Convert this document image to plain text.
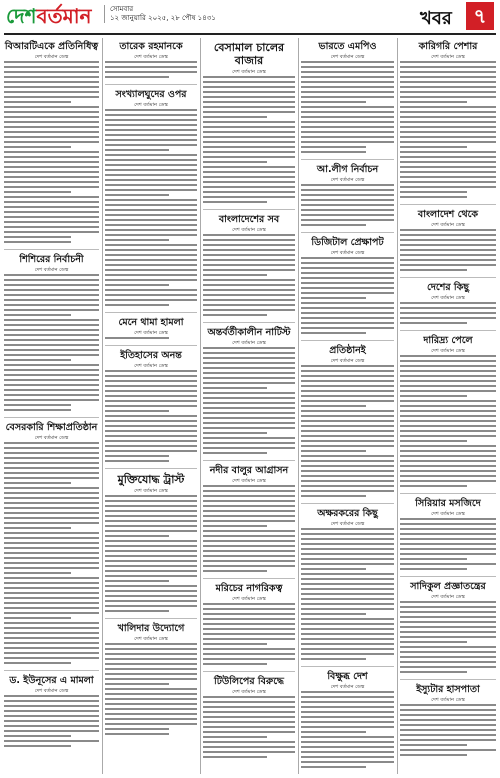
দেশবর্তমান	সোমবার
১২ জানুয়ারি ২০২৫, ২৮ পৌষ ১৪৩১	খবর	৭
বিআরটিএকে প্রতিনিধিত্ব
দেশ বর্তমান ডেস্ক
শিশিরের নির্বাচনী
দেশ বর্তমান ডেস্ক
বেসরকারি শিক্ষাপ্রতিষ্ঠান
দেশ বর্তমান ডেস্ক
ড. ইউনূসের এ মামলা
দেশ বর্তমান ডেস্ক
তারেক রহমানকে
দেশ বর্তমান ডেস্ক
সংখ্যালঘুদের ওপর
দেশ বর্তমান ডেস্ক
মেনে থামা হামলা
দেশ বর্তমান ডেস্ক
ইতিহাসের অনন্ত
দেশ বর্তমান ডেস্ক
মুক্তিযোদ্ধ ট্রাস্ট
দেশ বর্তমান ডেস্ক
খালিদার উদ্যোগে
দেশ বর্তমান ডেস্ক
বেসামাল চালের বাজার
দেশ বর্তমান ডেস্ক
বাংলাদেশের সব
দেশ বর্তমান ডেস্ক
অন্তর্বর্তীকালীন নাটিস্ট
দেশ বর্তমান ডেস্ক
নদীর বালুর আগ্রাসন
দেশ বর্তমান ডেস্ক
মরিচের নাগরিকত্ব
দেশ বর্তমান ডেস্ক
টিউলিপের বিরুদ্ধে
দেশ বর্তমান ডেস্ক
ভারতে এমপিও
দেশ বর্তমান ডেস্ক
আ.লীগ নির্বাচন
দেশ বর্তমান ডেস্ক
ডিজিটাল প্রেক্ষাপট
দেশ বর্তমান ডেস্ক
প্রতিষ্ঠানই
দেশ বর্তমান ডেস্ক
অক্ষরকরের কিছু
দেশ বর্তমান ডেস্ক
বিক্ষুব্ধ দেশ
দেশ বর্তমান ডেস্ক
কারিগরি পেশার
দেশ বর্তমান ডেস্ক
বাংলাদেশ থেকে
দেশ বর্তমান ডেস্ক
দেশের কিছু
দেশ বর্তমান ডেস্ক
দারিদ্র্য পেলে
দেশ বর্তমান ডেস্ক
সিরিয়ার মসজিদে
দেশ বর্তমান ডেস্ক
সাদিকুল প্রজ্ঞাতন্ত্রের
দেশ বর্তমান ডেস্ক
ইস্যুটার হাসপাতা
দেশ বর্তমান ডেস্ক
